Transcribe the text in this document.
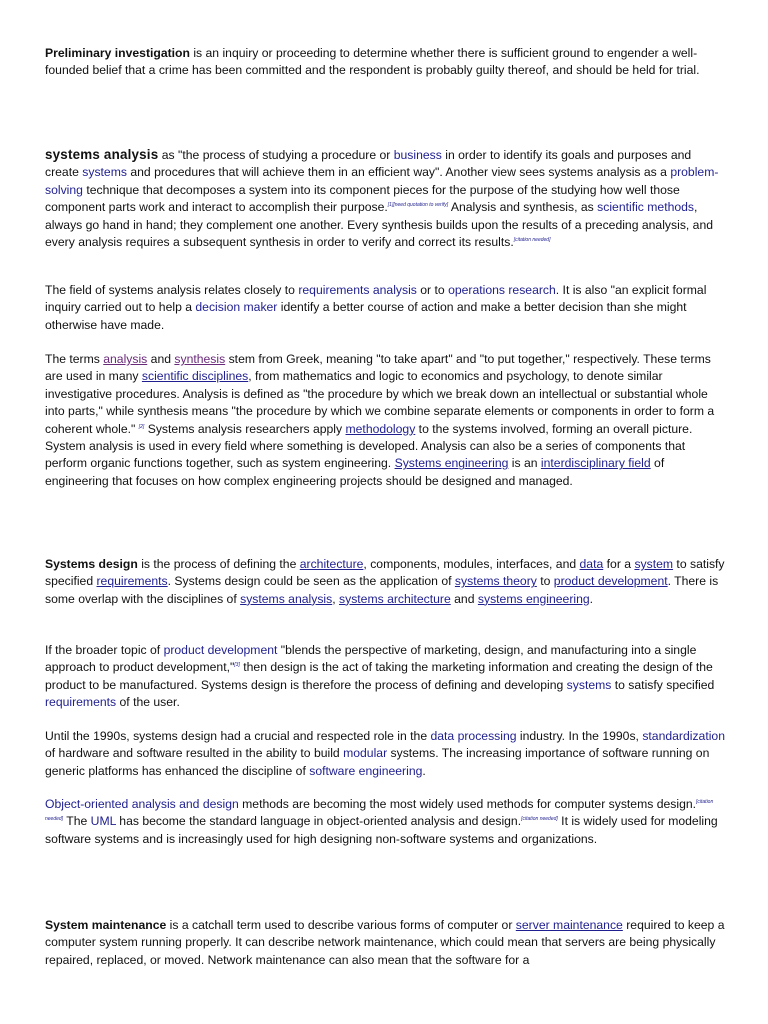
Preliminary investigation is an inquiry or proceeding to determine whether there is sufficient ground to engender a well-founded belief that a crime has been committed and the respondent is probably guilty thereof, and should be held for trial.

systems analysis as "the process of studying a procedure or business in order to identify its goals and purposes and create systems and procedures that will achieve them in an efficient way". Another view sees systems analysis as a problem-solving technique that decomposes a system into its component pieces for the purpose of the studying how well those component parts work and interact to accomplish their purpose.[1][need quotation to verify] Analysis and synthesis, as scientific methods, always go hand in hand; they complement one another. Every synthesis builds upon the results of a preceding analysis, and every analysis requires a subsequent synthesis in order to verify and correct its results.[citation needed]

The field of systems analysis relates closely to requirements analysis or to operations research. It is also "an explicit formal inquiry carried out to help a decision maker identify a better course of action and make a better decision than she might otherwise have made.

The terms analysis and synthesis stem from Greek, meaning "to take apart" and "to put together," respectively. These terms are used in many scientific disciplines, from mathematics and logic to economics and psychology, to denote similar investigative procedures. Analysis is defined as "the procedure by which we break down an intellectual or substantial whole into parts," while synthesis means "the procedure by which we combine separate elements or components in order to form a coherent whole." [2] Systems analysis researchers apply methodology to the systems involved, forming an overall picture. System analysis is used in every field where something is developed. Analysis can also be a series of components that perform organic functions together, such as system engineering. Systems engineering is an interdisciplinary field of engineering that focuses on how complex engineering projects should be designed and managed.

Systems design is the process of defining the architecture, components, modules, interfaces, and data for a system to satisfy specified requirements. Systems design could be seen as the application of systems theory to product development. There is some overlap with the disciplines of systems analysis, systems architecture and systems engineering.

If the broader topic of product development "blends the perspective of marketing, design, and manufacturing into a single approach to product development,"[3] then design is the act of taking the marketing information and creating the design of the product to be manufactured. Systems design is therefore the process of defining and developing systems to satisfy specified requirements of the user.

Until the 1990s, systems design had a crucial and respected role in the data processing industry. In the 1990s, standardization of hardware and software resulted in the ability to build modular systems. The increasing importance of software running on generic platforms has enhanced the discipline of software engineering.

Object-oriented analysis and design methods are becoming the most widely used methods for computer systems design.[citation needed] The UML has become the standard language in object-oriented analysis and design.[citation needed] It is widely used for modeling software systems and is increasingly used for high designing non-software systems and organizations.

System maintenance is a catchall term used to describe various forms of computer or server maintenance required to keep a computer system running properly. It can describe network maintenance, which could mean that servers are being physically repaired, replaced, or moved. Network maintenance can also mean that the software for a
